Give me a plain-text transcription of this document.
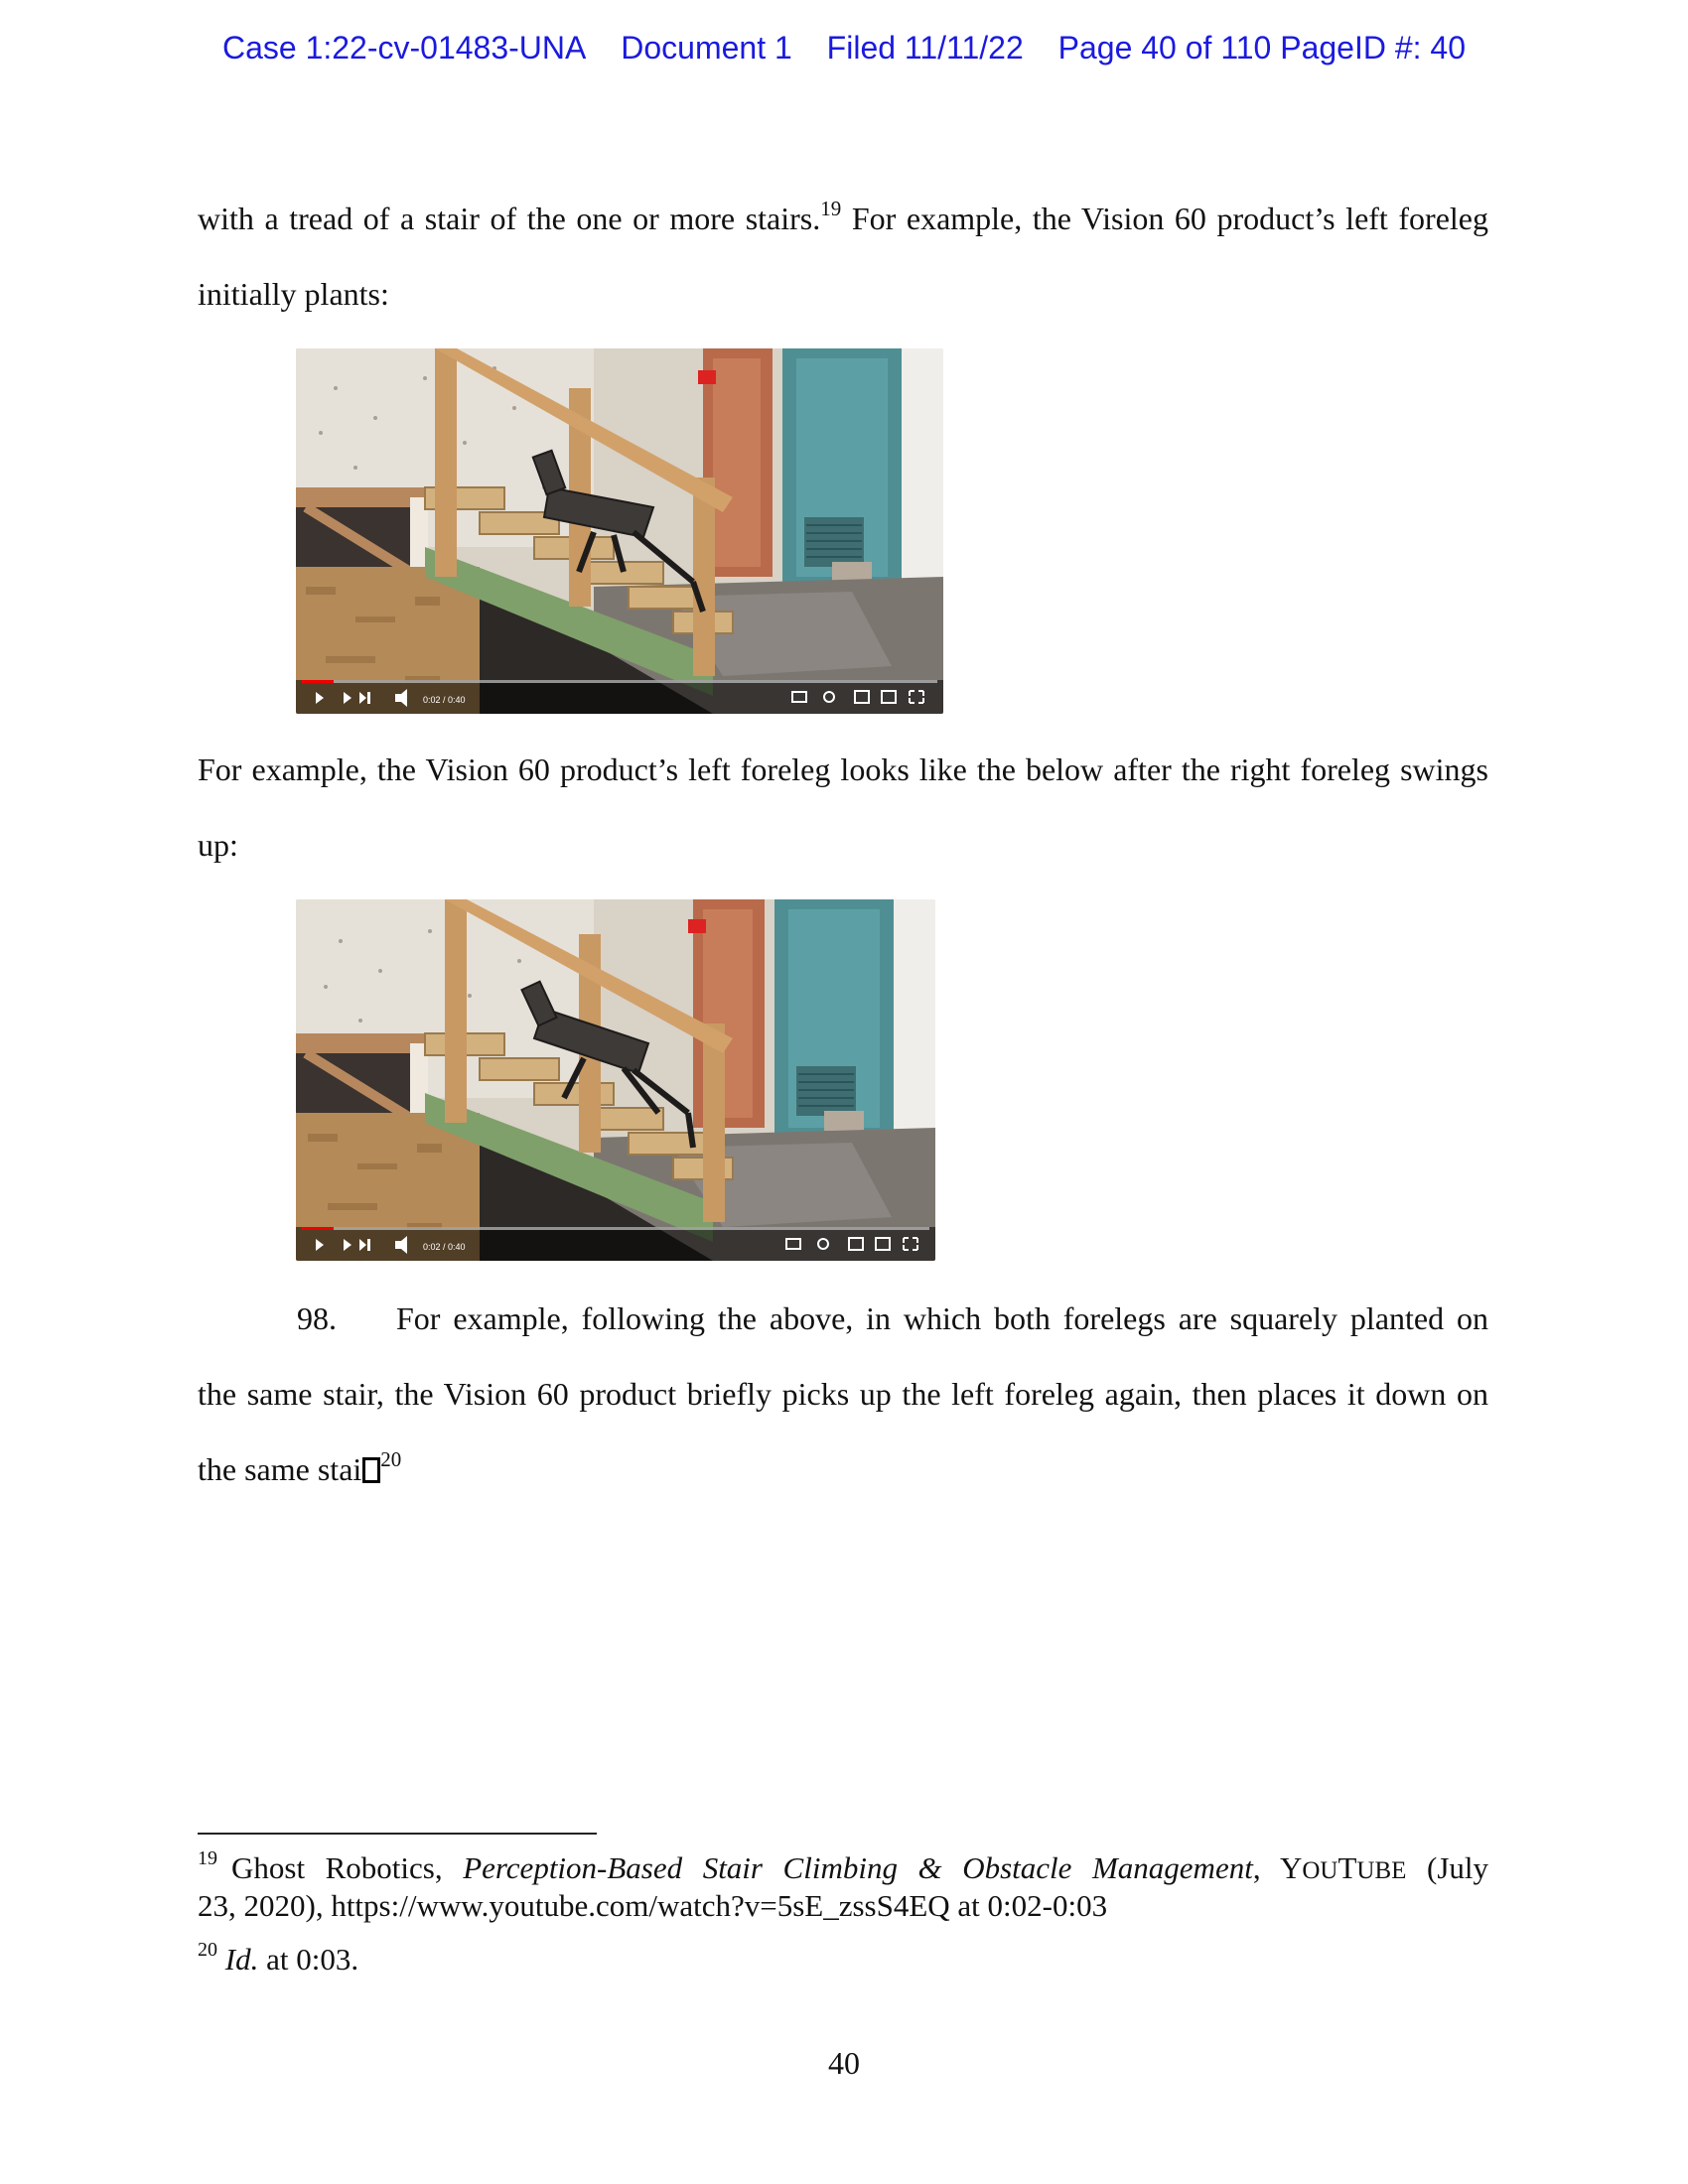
Case 1:22-cv-01483-UNA Document 1 Filed 11/11/22 Page 40 of 110 PageID #: 40
with a tread of a stair of the one or more stairs.$^{19}$ For example, the Vision 60 product’s left foreleg
initially plants:
0:02 / 0:40
For example, the Vision 60 product’s left foreleg looks like the below after the right foreleg swings
up:
0:02 / 0:40
98. For example, following the above, in which both forelegs are squarely planted on
the same stair, the Vision 60 product briefly picks up the left foreleg again, then places it down on
the same stai $^{20}$
$^{19}$ Ghost Robotics, Perception-Based Stair Climbing & Obstacle Management, YOUTUBE (July
23, 2020), https://www.youtube.com/watch?v=5sE_zssS4EQ at 0:02-0:03
$^{20}$ Id. at 0:03.
40
